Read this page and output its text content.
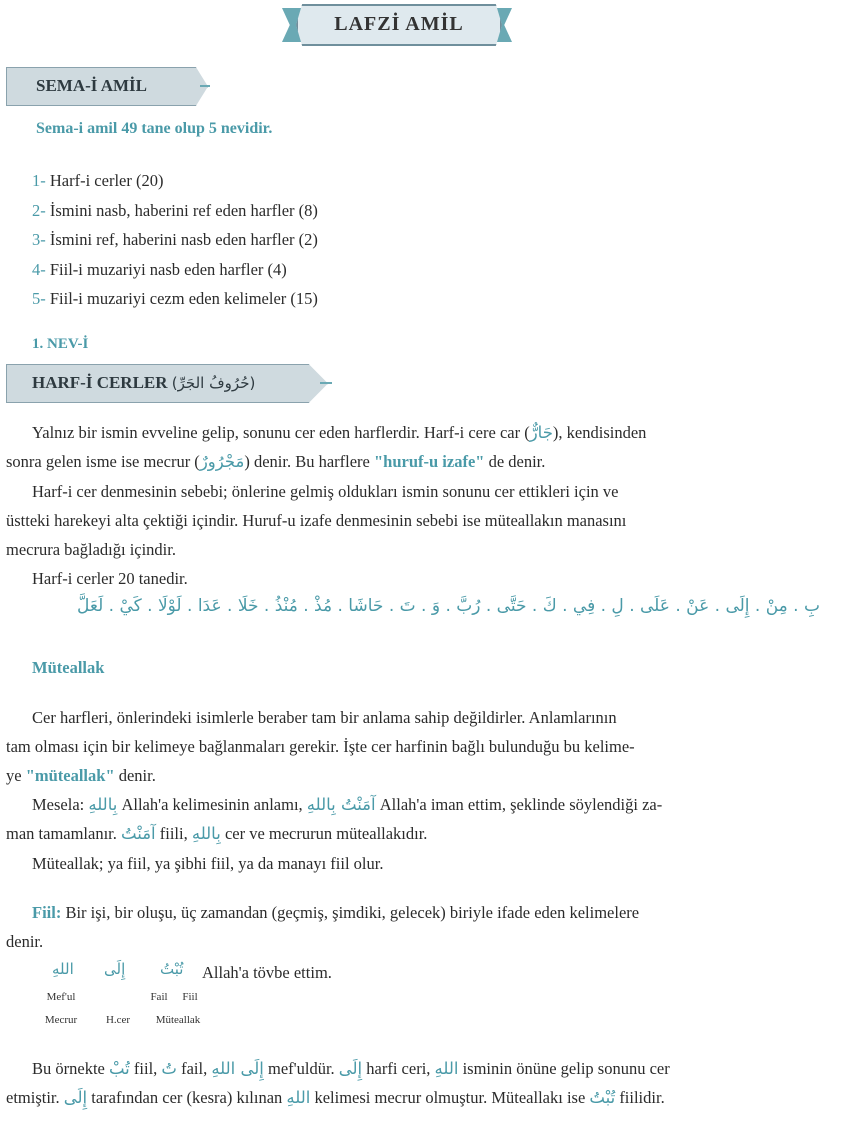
LAFZİ AMİL
SEMA-İ AMİL
Sema-i amil 49 tane olup 5 nevidir.
1- Harf-i cerler (20)
2- İsmini nasb, haberini ref eden harfler (8)
3- İsmini ref, haberini nasb eden harfler (2)
4- Fiil-i muzariyi nasb eden harfler (4)
5- Fiil-i muzariyi cezm eden kelimeler (15)
1. NEV-İ
HARF-İ CERLER (حُرُوفُ الجَرِّ)
Yalnız bir ismin evveline gelip, sonunu cer eden harflerdir. Harf-i cere car (جَارٌّ), kendisinden
sonra gelen isme ise mecrur (مَجْرُورٌ) denir. Bu harflere "huruf-u izafe" de denir.
Harf-i cer denmesinin sebebi; önlerine gelmiş oldukları ismin sonunu cer ettikleri için ve
üstteki harekeyi alta çektiği içindir. Huruf-u izafe denmesinin sebebi ise müteallakın manasını
mecrura bağladığı içindir.
Harf-i cerler 20 tanedir.
بِ . مِنْ . إِلَى . عَنْ . عَلَى . لِ . فِي . كَ . حَتَّى . رُبَّ . وَ . تَ . حَاشَا . مُذْ . مُنْذُ . خَلَا . عَدَا . لَوْلَا . كَيْ . لَعَلَّ
Müteallak
Cer harfleri, önlerindeki isimlerle beraber tam bir anlama sahip değildirler. Anlamlarının
tam olması için bir kelimeye bağlanmaları gerekir. İşte cer harfinin bağlı bulunduğu bu kelime-
ye "müteallak" denir.
Mesela: بِاللهِ Allah'a kelimesinin anlamı, آمَنْتُ بِاللهِ Allah'a iman ettim, şeklinde söylendiği za-
man tamamlanır. آمَنْتُ fiili, بِاللهِ cer ve mecrurun müteallakıdır.
Müteallak; ya fiil, ya şibhi fiil, ya da manayı fiil olur.
Fiil: Bir işi, bir oluşu, üç zamandan (geçmiş, şimdiki, gelecek) biriyle ifade eden kelimelere
denir.
اللهِ إِلَى تُبْتُ Allah'a tövbe ettim.
Mef'ul	Fail	Fiil
Mecrur	H.cer	Müteallak
Bu örnekte تُبْ fiil, تُ fail, إِلَى اللهِ mef'uldür. إِلَى harfi ceri, اللهِ isminin önüne gelip sonunu cer
etmiştir. إِلَى tarafından cer (kesra) kılınan اللهِ kelimesi mecrur olmuştur. Müteallakı ise تُبْتُ fiilidir.
